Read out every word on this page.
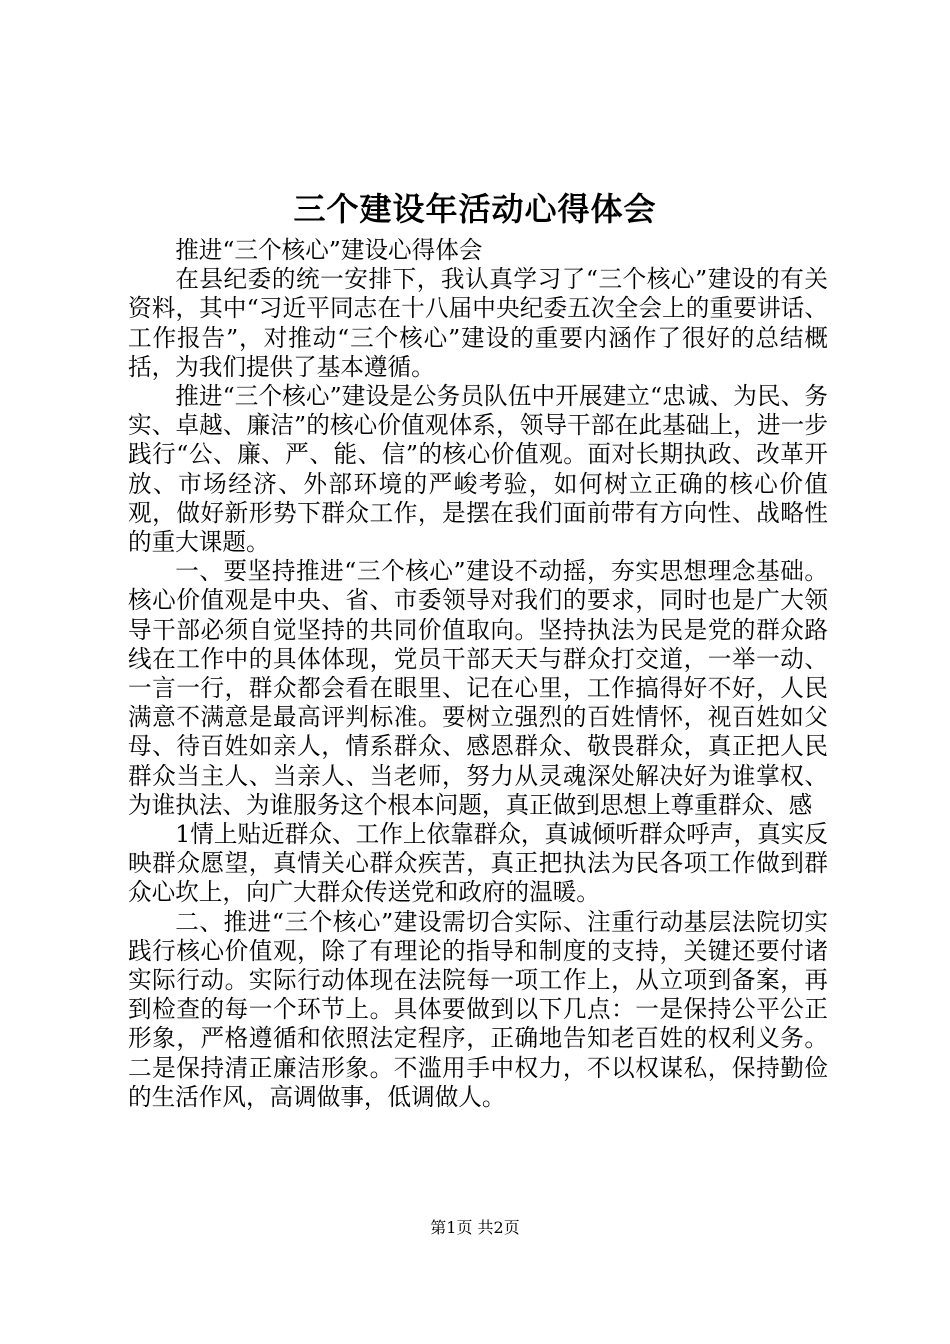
三个建设年活动心得体会

推进“三个核心”建设心得体会

在县纪委的统一安排下，我认真学习了“三个核心”建设的有关资料，其中“习近平同志在十八届中央纪委五次全会上的重要讲话、工作报告”，对推动“三个核心”建设的重要内涵作了很好的总结概括，为我们提供了基本遵循。

推进“三个核心”建设是公务员队伍中开展建立“忠诚、为民、务实、卓越、廉洁”的核心价值观体系，领导干部在此基础上，进一步践行“公、廉、严、能、信”的核心价值观。面对长期执政、改革开放、市场经济、外部环境的严峻考验，如何树立正确的核心价值观，做好新形势下群众工作，是摆在我们面前带有方向性、战略性的重大课题。

一、要坚持推进“三个核心”建设不动摇，夯实思想理念基础。核心价值观是中央、省、市委领导对我们的要求，同时也是广大领导干部必须自觉坚持的共同价值取向。坚持执法为民是党的群众路线在工作中的具体体现，党员干部天天与群众打交道，一举一动、一言一行，群众都会看在眼里、记在心里，工作搞得好不好，人民满意不满意是最高评判标准。要树立强烈的百姓情怀，视百姓如父母、待百姓如亲人，情系群众、感恩群众、敬畏群众，真正把人民群众当主人、当亲人、当老师，努力从灵魂深处解决好为谁掌权、为谁执法、为谁服务这个根本问题，真正做到思想上尊重群众、感

1情上贴近群众、工作上依靠群众，真诚倾听群众呼声，真实反映群众愿望，真情关心群众疾苦，真正把执法为民各项工作做到群众心坎上，向广大群众传送党和政府的温暖。

二、推进“三个核心”建设需切合实际、注重行动基层法院切实践行核心价值观，除了有理论的指导和制度的支持，关键还要付诸实际行动。实际行动体现在法院每一项工作上，从立项到备案，再到检查的每一个环节上。具体要做到以下几点：一是保持公平公正形象，严格遵循和依照法定程序，正确地告知老百姓的权利义务。二是保持清正廉洁形象。不滥用手中权力，不以权谋私，保持勤俭的生活作风，高调做事，低调做人。

第1页 共2页
